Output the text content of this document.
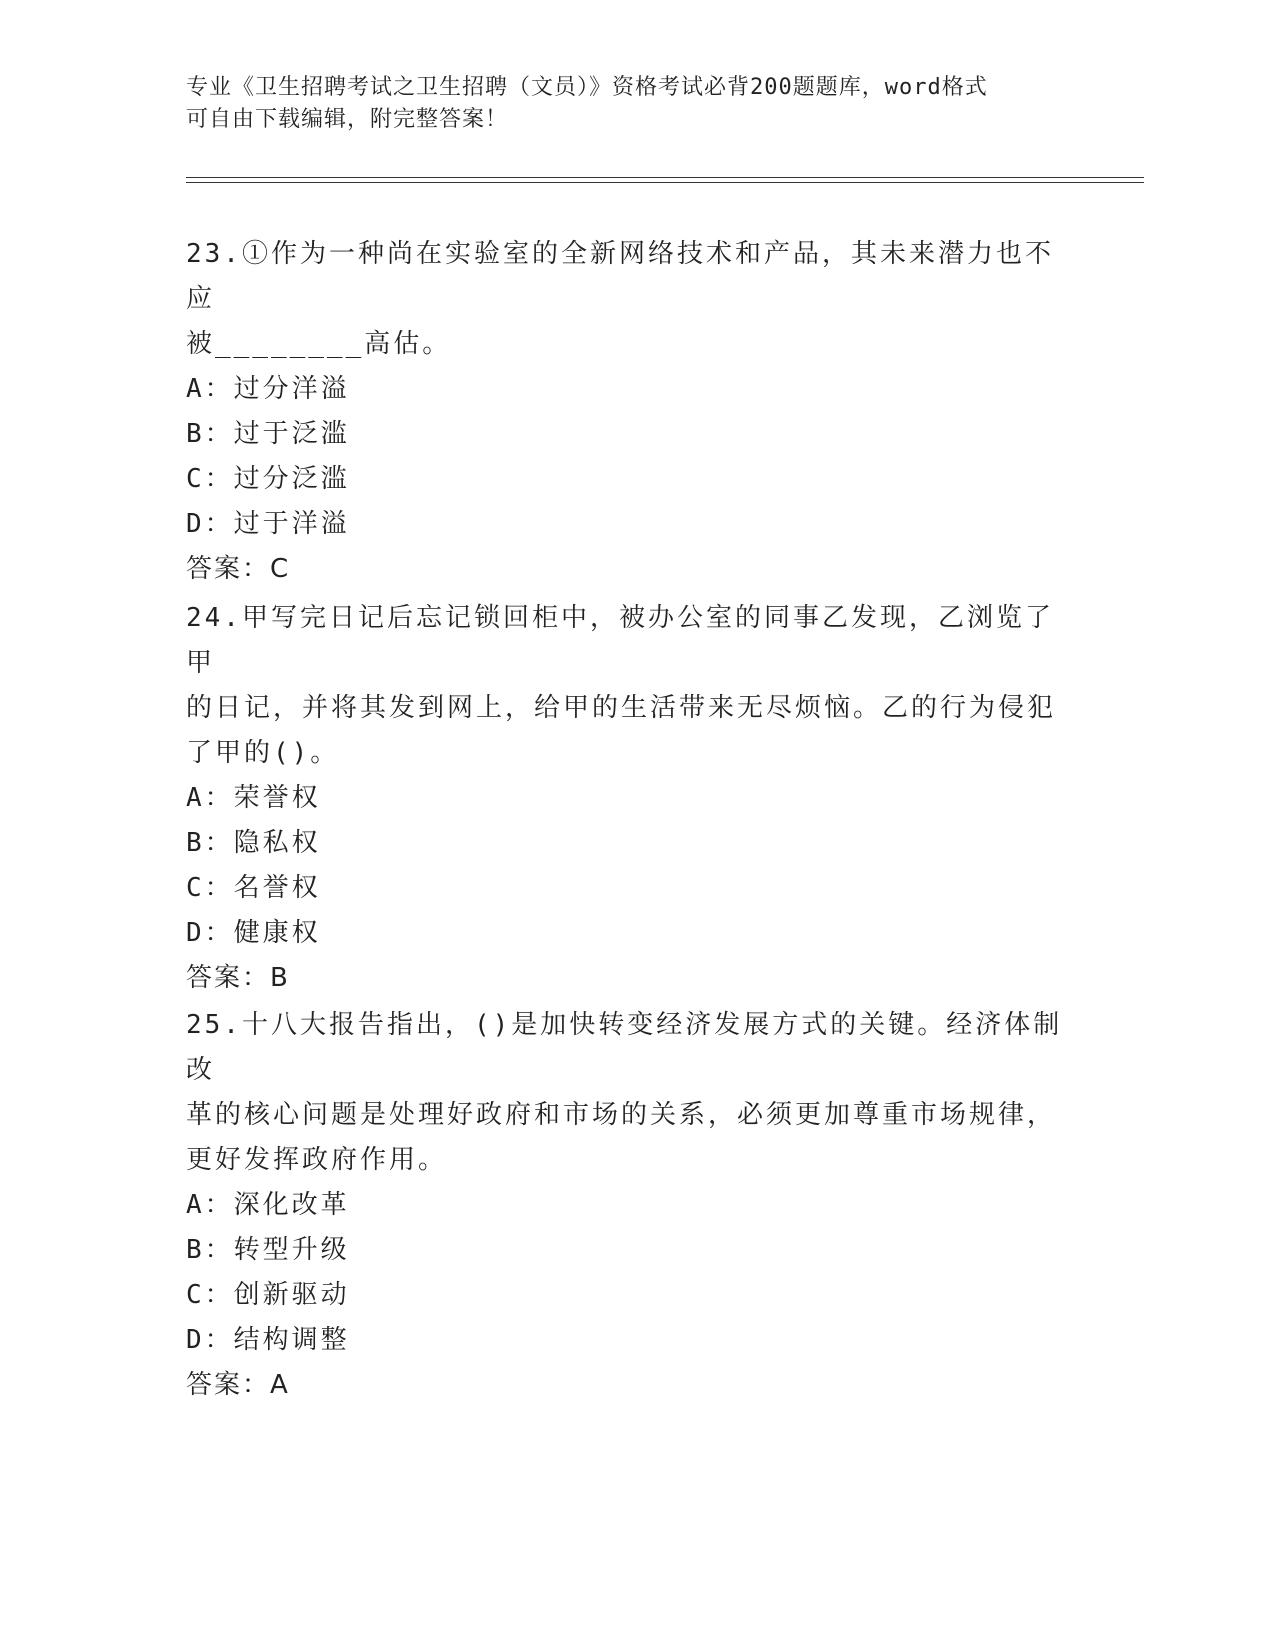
专业《卫生招聘考试之卫生招聘（文员）》资格考试必背200题题库，word格式
可自由下载编辑，附完整答案！
23.①作为一种尚在实验室的全新网络技术和产品，其未来潜力也不应
被________高估。
A：过分洋溢
B：过于泛滥
C：过分泛滥
D：过于洋溢
答案：C
24.甲写完日记后忘记锁回柜中，被办公室的同事乙发现，乙浏览了甲
的日记，并将其发到网上，给甲的生活带来无尽烦恼。乙的行为侵犯
了甲的()。
A：荣誉权
B：隐私权
C：名誉权
D：健康权
答案：B
25.十八大报告指出，()是加快转变经济发展方式的关键。经济体制改
革的核心问题是处理好政府和市场的关系，必须更加尊重市场规律，
更好发挥政府作用。
A：深化改革
B：转型升级
C：创新驱动
D：结构调整
答案：A
